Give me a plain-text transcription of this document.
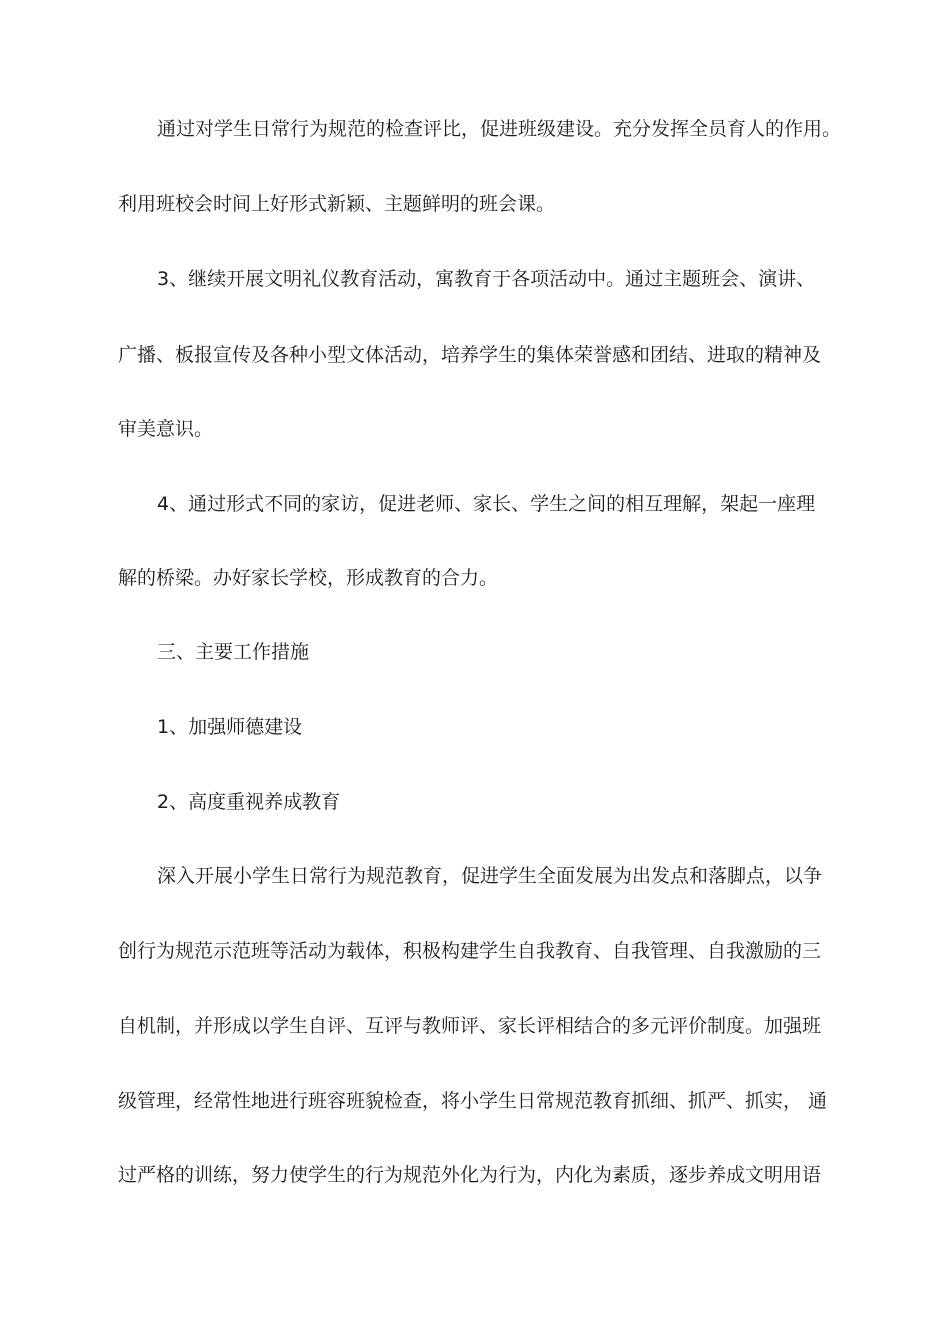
通过对学生日常行为规范的检查评比，促进班级建设。充分发挥全员育人的作用。
利用班校会时间上好形式新颖、主题鲜明的班会课。
3、继续开展文明礼仪教育活动，寓教育于各项活动中。通过主题班会、演讲、
广播、板报宣传及各种小型文体活动，培养学生的集体荣誉感和团结、进取的精神及
审美意识。
4、通过形式不同的家访，促进老师、家长、学生之间的相互理解，架起一座理
解的桥梁。办好家长学校，形成教育的合力。
三、主要工作措施
1、加强师德建设
2、高度重视养成教育
深入开展小学生日常行为规范教育，促进学生全面发展为出发点和落脚点，以争
创行为规范示范班等活动为载体，积极构建学生自我教育、自我管理、自我激励的三
自机制，并形成以学生自评、互评与教师评、家长评相结合的多元评价制度。加强班
级管理，经常性地进行班容班貌检查，将小学生日常规范教育抓细、抓严、抓实， 通
过严格的训练，努力使学生的行为规范外化为行为，内化为素质，逐步养成文明用语
